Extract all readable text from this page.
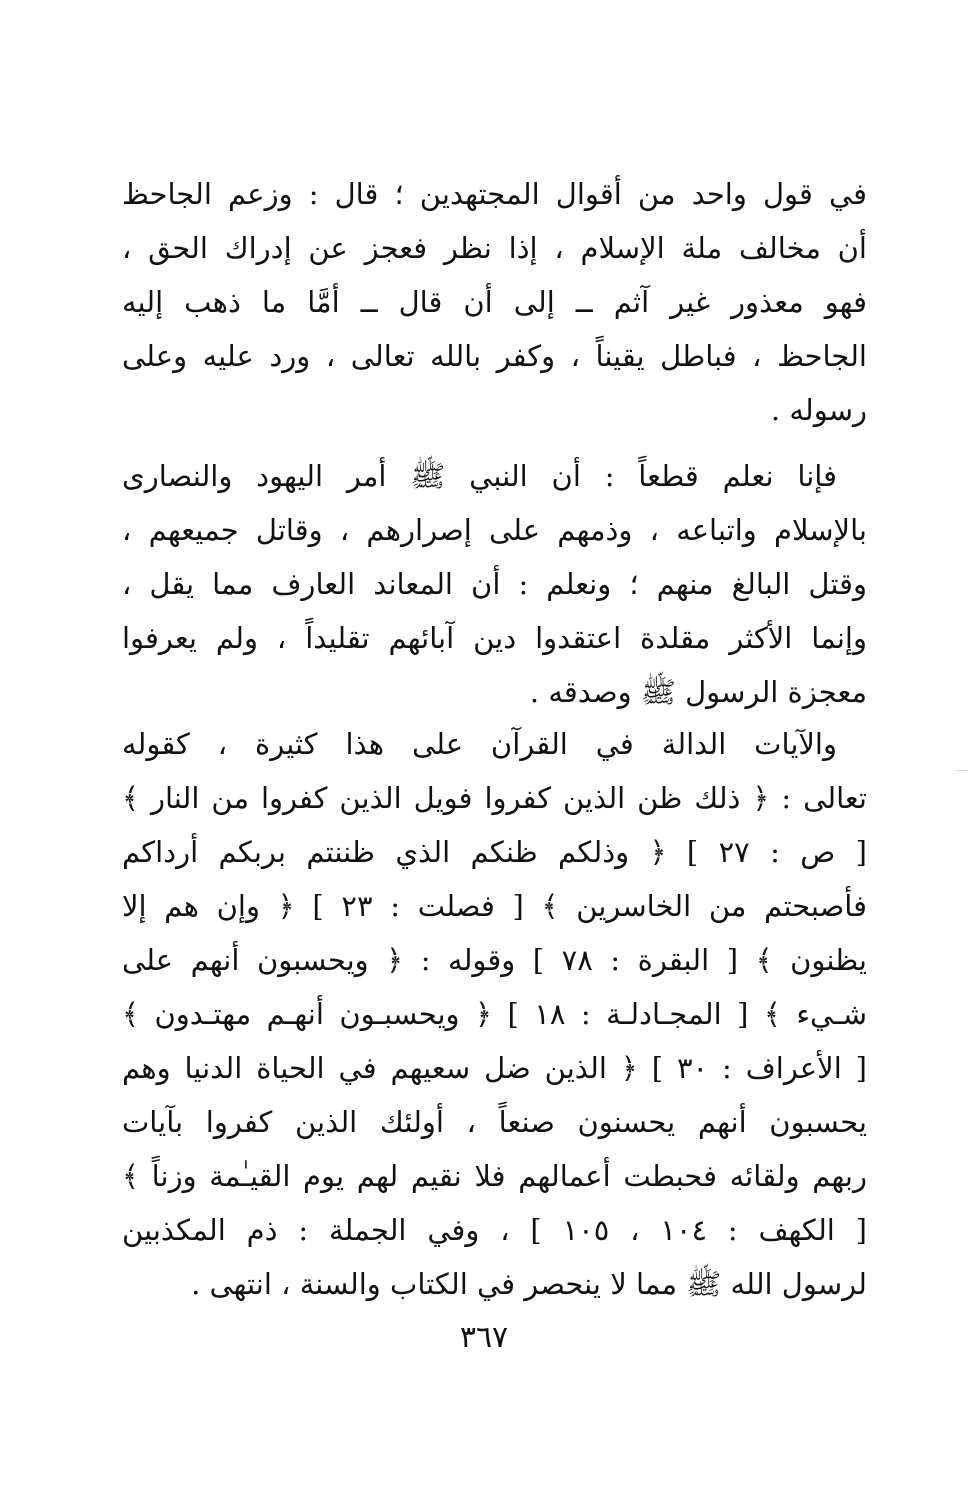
في قول واحد من أقوال المجتهدين ؛ قال : وزعم الجاحظ
أن مخالف ملة الإسلام ، إذا نظر فعجز عن إدراك الحق ،
فهو معذور غير آثم ــ إلى أن قال ــ أمَّا ما ذهب إليه
الجاحظ ، فباطل يقيناً ، وكفر بالله تعالى ، ورد عليه وعلى
رسوله .
فإنا نعلم قطعاً : أن النبي ﷺ أمر اليهود والنصارى
بالإسلام واتباعه ، وذمهم على إصرارهم ، وقاتل جميعهم ،
وقتل البالغ منهم ؛ ونعلم : أن المعاند العارف مما يقل ،
وإنما الأكثر مقلدة اعتقدوا دين آبائهم تقليداً ، ولم يعرفوا
معجزة الرسول ﷺ وصدقه .
والآيات الدالة في القرآن على هذا كثيرة ، كقوله
تعالى : ﴿ ذلك ظن الذين كفروا فويل الذين كفروا من النار ﴾
[ ص : ٢٧ ] ﴿ وذلكم ظنكم الذي ظننتم بربكم أرداكم
فأصبحتم من الخاسرين ﴾ [ فصلت : ٢٣ ] ﴿ وإن هم إلا
يظنون ﴾ [ البقرة : ٧٨ ] وقوله : ﴿ ويحسبون أنهم على
شـيء ﴾ [ المجـادلـة : ١٨ ] ﴿ ويحسبـون أنهـم مهتـدون ﴾
[ الأعراف : ٣٠ ] ﴿ الذين ضل سعيهم في الحياة الدنيا وهم
يحسبون أنهم يحسنون صنعاً ، أولئك الذين كفروا بآيات
ربهم ولقائه فحبطت أعمالهم فلا نقيم لهم يوم القيـٰمة وزناً ﴾
[ الكهف : ١٠٤ ، ١٠٥ ] ، وفي الجملة : ذم المكذبين
لرسول الله ﷺ مما لا ينحصر في الكتاب والسنة ، انتهى .
٣٦٧
